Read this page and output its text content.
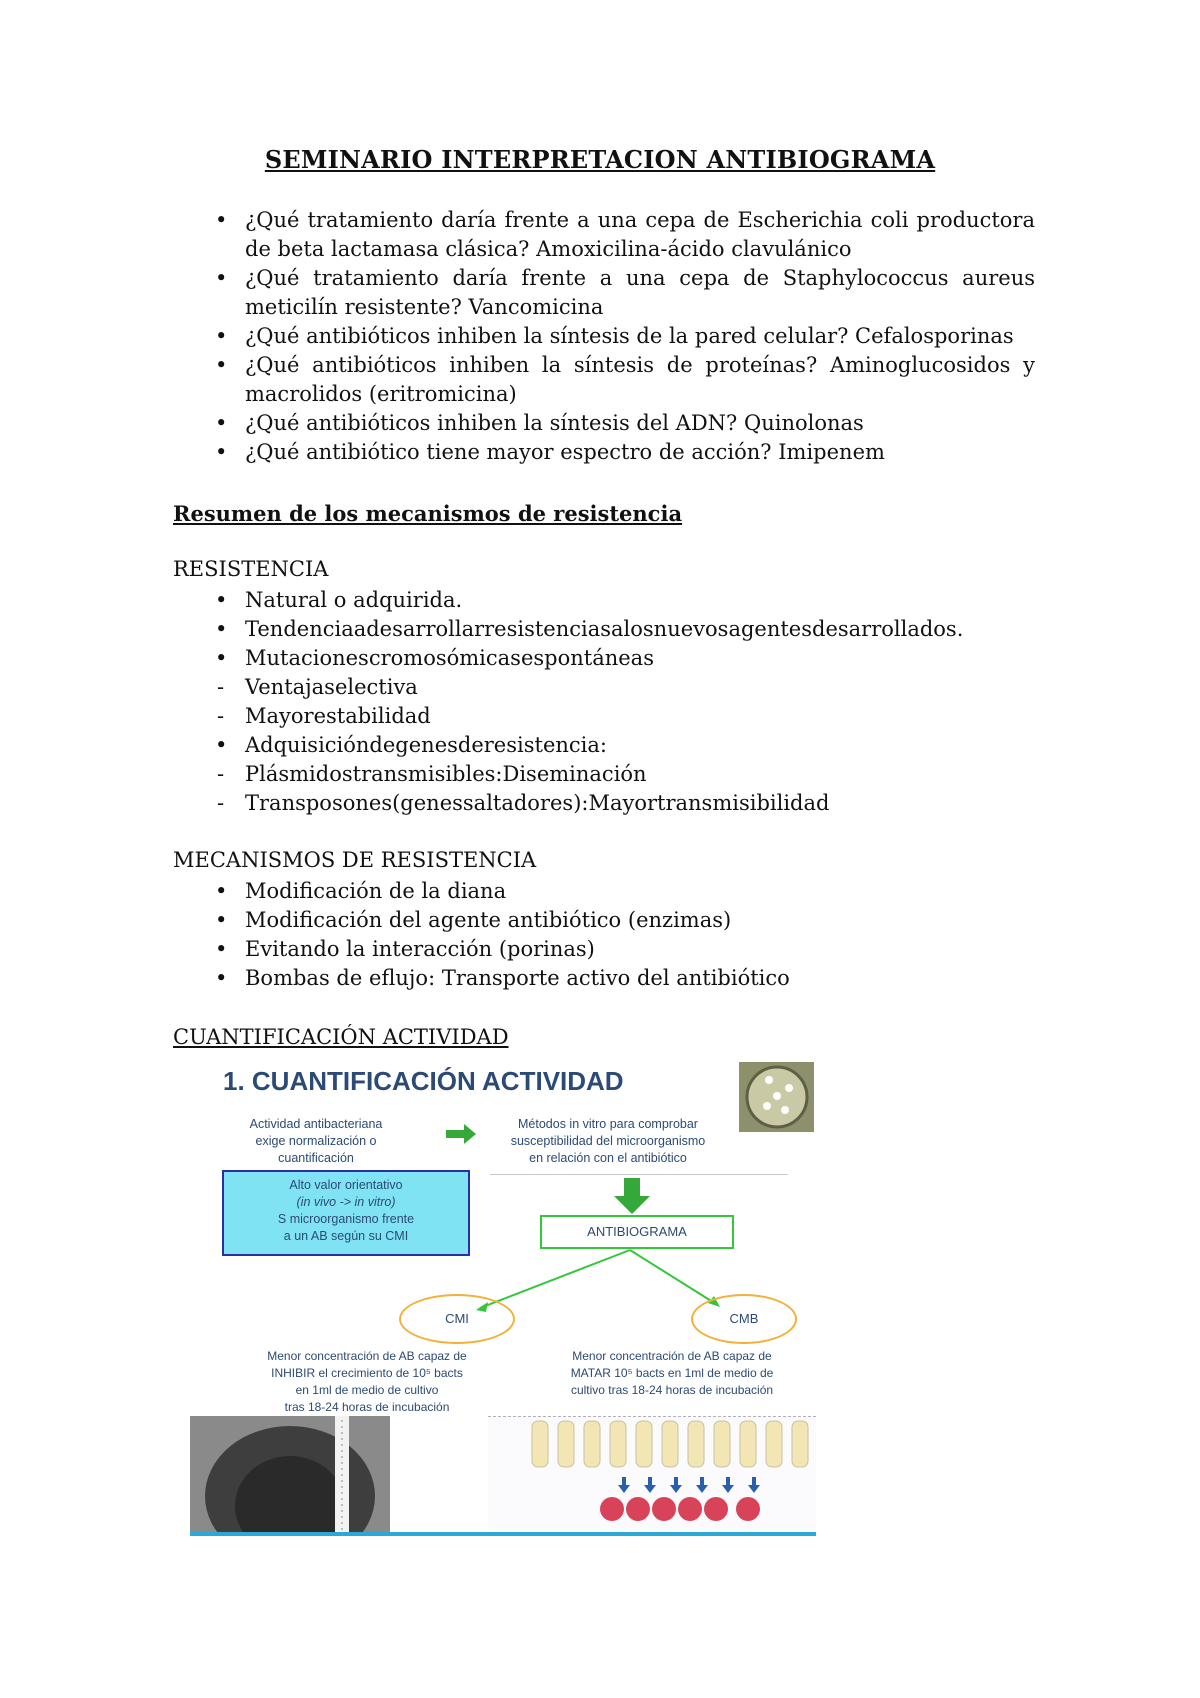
SEMINARIO INTERPRETACION ANTIBIOGRAMA
• ¿Qué tratamiento daría frente a una cepa de Escherichia coli productora de beta lactamasa clásica? Amoxicilina-ácido clavulánico
• ¿Qué tratamiento daría frente a una cepa de Staphylococcus aureus meticilín resistente? Vancomicina
• ¿Qué antibióticos inhiben la síntesis de la pared celular? Cefalosporinas
• ¿Qué antibióticos inhiben la síntesis de proteínas? Aminoglucosidos y macrolidos (eritromicina)
• ¿Qué antibióticos inhiben la síntesis del ADN? Quinolonas
• ¿Qué antibiótico tiene mayor espectro de acción? Imipenem
Resumen de los mecanismos de resistencia
RESISTENCIA
• Natural o adquirida.
• Tendenciaadesarrollarresistenciasalosnuevosagentesdesarrollados.
• Mutacionescromosómicasespontáneas
- Ventajaselectiva
- Mayorestabilidad
• Adquisicióndegenesderesistencia:
- Plásmidostransmisibles:Diseminación
- Transposones(genessaltadores):Mayortransmisibilidad
MECANISMOS DE RESISTENCIA
• Modificación de la diana
• Modificación del agente antibiótico (enzimas)
• Evitando la interacción (porinas)
• Bombas de eflujo: Transporte activo del antibiótico
CUANTIFICACIÓN ACTIVIDAD
1. CUANTIFICACIÓN ACTIVIDAD
Actividad antibacteriana
exige normalización o
cuantificación
Métodos in vitro para comprobar
susceptibilidad del microorganismo
en relación con el antibiótico
Alto valor orientativo
(in vivo -> in vitro)
S microorganismo frente
a un AB según su CMI	ANTIBIOGRAMA
CMI	CMB
Menor concentración de AB capaz de
INHIBIR el crecimiento de 10⁵ bacts
en 1ml de medio de cultivo
tras 18-24 horas de incubación
Menor concentración de AB capaz de
MATAR 10⁵ bacts en 1ml de medio de
cultivo tras 18-24 horas de incubación
